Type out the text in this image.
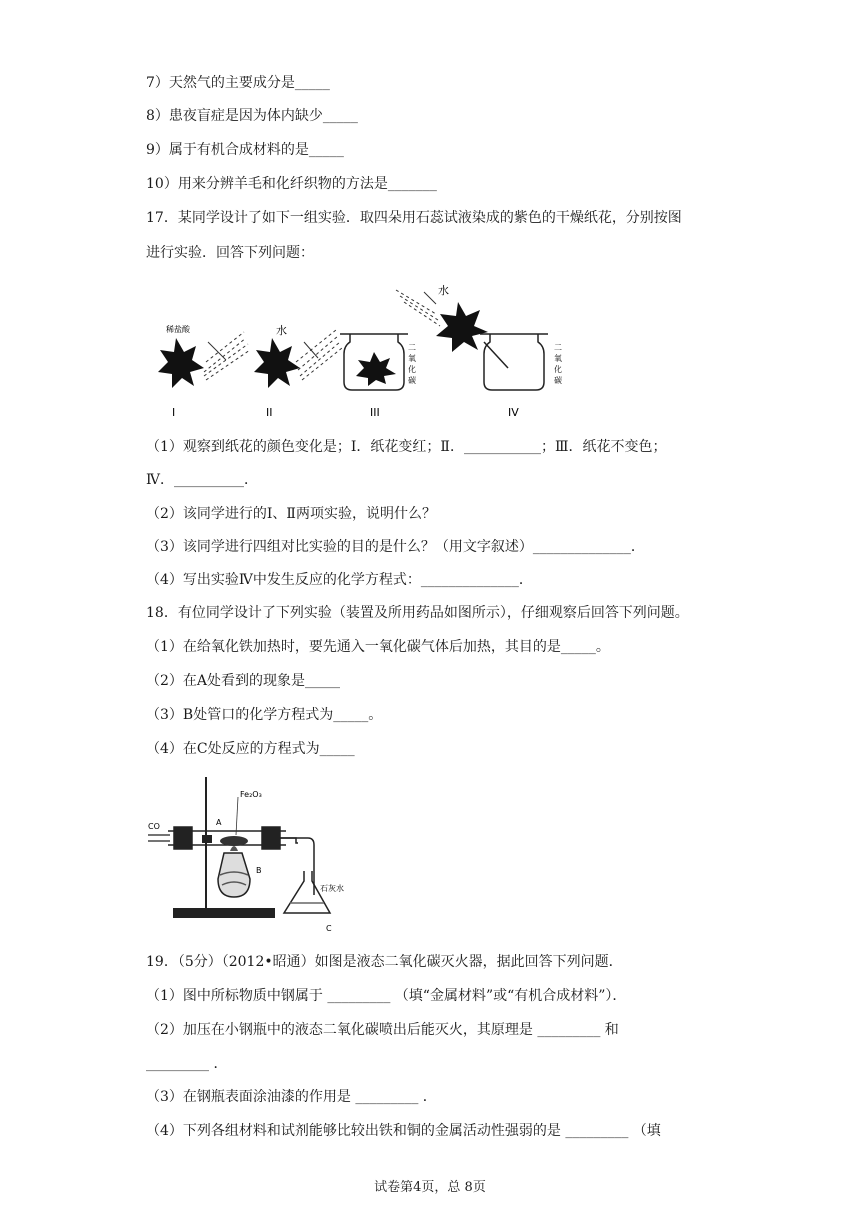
7）天然气的主要成分是_____
8）患夜盲症是因为体内缺少_____
9）属于有机合成材料的是_____
10）用来分辨羊毛和化纤织物的方法是_______
17．某同学设计了如下一组实验．取四朵用石蕊试液染成的紫色的干燥纸花，分别按图
进行实验．回答下列问题：
稀盐酸
I
水
II
二
氧
化
碳
III
水
二
氧
化
碳
IV
（1）观察到纸花的颜色变化是；Ⅰ．纸花变红；Ⅱ．___________；Ⅲ．纸花不变色；
Ⅳ．__________．
（2）该同学进行的Ⅰ、Ⅱ两项实验，说明什么？
（3）该同学进行四组对比实验的目的是什么？（用文字叙述）______________．
（4）写出实验Ⅳ中发生反应的化学方程式：______________．
18．有位同学设计了下列实验（装置及所用药品如图所示），仔细观察后回答下列问题。
（1）在给氧化铁加热时，要先通入一氧化碳气体后加热，其目的是_____。
（2）在A处看到的现象是_____
（3）B处管口的化学方程式为_____。
（4）在C处反应的方程式为_____
Fe₂O₃
CO	A
B
C
石灰水
19．（5分）（2012•昭通）如图是液态二氧化碳灭火器，据此回答下列问题．
（1）图中所标物质中钢属于 _________ （填“金属材料”或“有机合成材料”）．
（2）加压在小钢瓶中的液态二氧化碳喷出后能灭火，其原理是 _________ 和
_________ ．
（3）在钢瓶表面涂油漆的作用是 _________ ．
（4）下列各组材料和试剂能够比较出铁和铜的金属活动性强弱的是 _________ （填
试卷第4页，总 8页
